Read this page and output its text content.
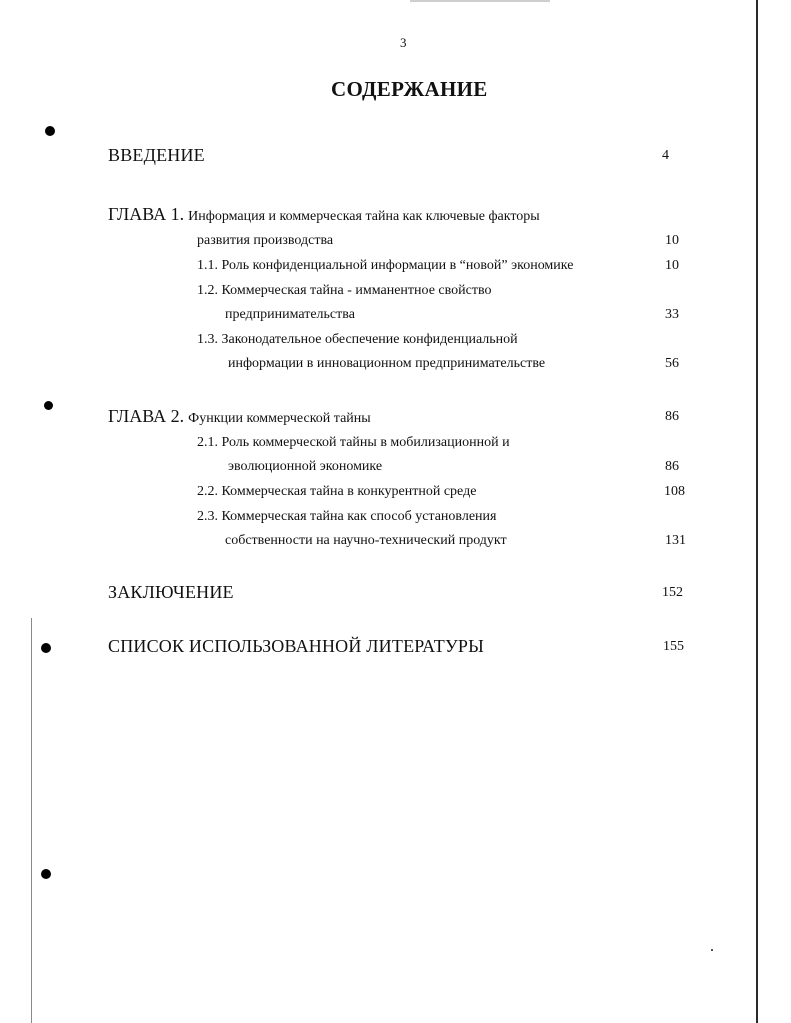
3
СОДЕРЖАНИЕ
ВВЕДЕНИЕ	4
ГЛАВА 1. Информация и коммерческая тайна как ключевые факторы
развития производства	10
1.1. Роль конфиденциальной информации в “новой” экономике	10
1.2. Коммерческая тайна - имманентное свойство
предпринимательства	33
1.3. Законодательное обеспечение конфиденциальной
информации в инновационном предпринимательстве	56
ГЛАВА 2. Функции коммерческой тайны	86
2.1. Роль коммерческой тайны в мобилизационной и
эволюционной экономике	86
2.2. Коммерческая тайна в конкурентной среде	108
2.3. Коммерческая тайна как способ установления
собственности на научно-технический продукт	131
ЗАКЛЮЧЕНИЕ	152
СПИСОК ИСПОЛЬЗОВАННОЙ ЛИТЕРАТУРЫ	155
